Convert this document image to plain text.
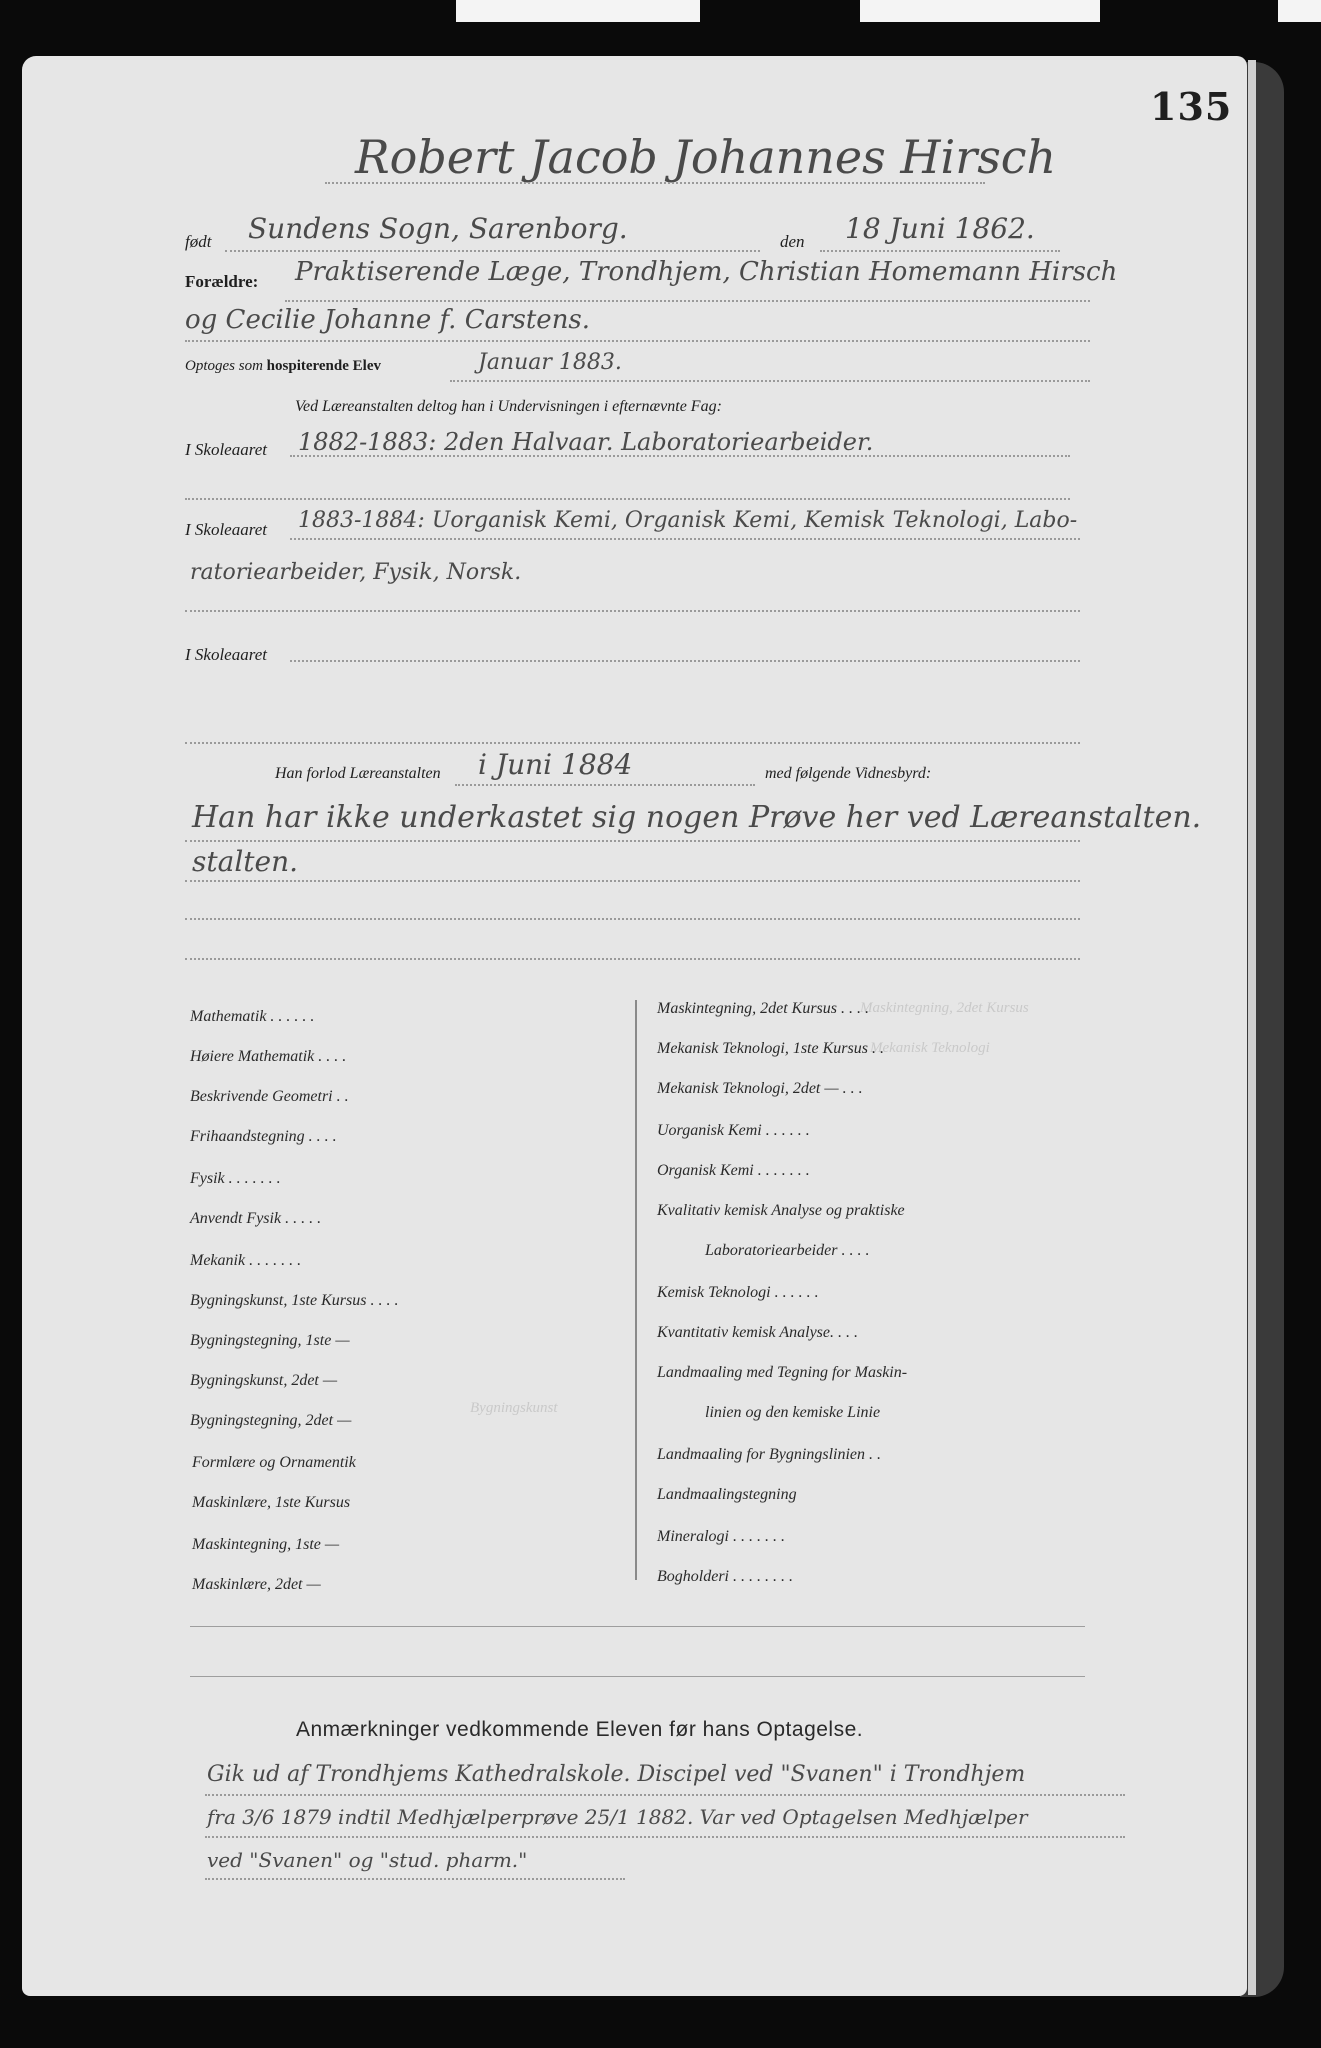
135
Robert Jacob Johannes Hirsch
født Sundens Sogn, Sarenborg.	den 18 Juni 1862.
Forældre: Praktiserende Læge, Trondhjem, Christian Homemann Hirsch
og Cecilie Johanne f. Carstens.
Optoges som hospiterende Elev	Januar 1883.
Ved Læreanstalten deltog han i Undervisningen i efternævnte Fag:
I Skoleaaret 1882-1883: 2den Halvaar. Laboratoriearbeider.
I Skoleaaret 1883-1884: Uorganisk Kemi, Organisk Kemi, Kemisk Teknologi, Labo-
ratoriearbeider, Fysik, Norsk.
I Skoleaaret
Han forlod Læreanstalten i Juni 1884	med følgende Vidnesbyrd:
Han har ikke underkastet sig nogen Prøve her ved Læreanstalten.
stalten.
Maskintegning, 2det Kursus
Mekanisk Teknologi
Bygningskunst
Mathematik . . . . . .
Høiere Mathematik . . . .
Beskrivende Geometri . .
Frihaandstegning . . . .
Fysik . . . . . . .
Anvendt Fysik . . . . .
Mekanik . . . . . . .
Bygningskunst, 1ste Kursus . . . .
Bygningstegning, 1ste —
Bygningskunst, 2det —
Bygningstegning, 2det —
Formlære og Ornamentik
Maskinlære, 1ste Kursus
Maskintegning, 1ste —
Maskinlære, 2det —
Maskintegning, 2det Kursus . . . .
Mekanisk Teknologi, 1ste Kursus . .
Mekanisk Teknologi, 2det — . . .
Uorganisk Kemi . . . . . .
Organisk Kemi . . . . . . .
Kvalitativ kemisk Analyse og praktiske
Laboratoriearbeider . . . .
Kemisk Teknologi . . . . . .
Kvantitativ kemisk Analyse. . . .
Landmaaling med Tegning for Maskin-
linien og den kemiske Linie
Landmaaling for Bygningslinien . .
Landmaalingstegning
Mineralogi . . . . . . .
Bogholderi . . . . . . . .
Anmærkninger vedkommende Eleven før hans Optagelse.
Gik ud af Trondhjems Kathedralskole. Discipel ved "Svanen" i Trondhjem
fra 3/6 1879 indtil Medhjælperprøve 25/1 1882. Var ved Optagelsen Medhjælper
ved "Svanen" og "stud. pharm."
